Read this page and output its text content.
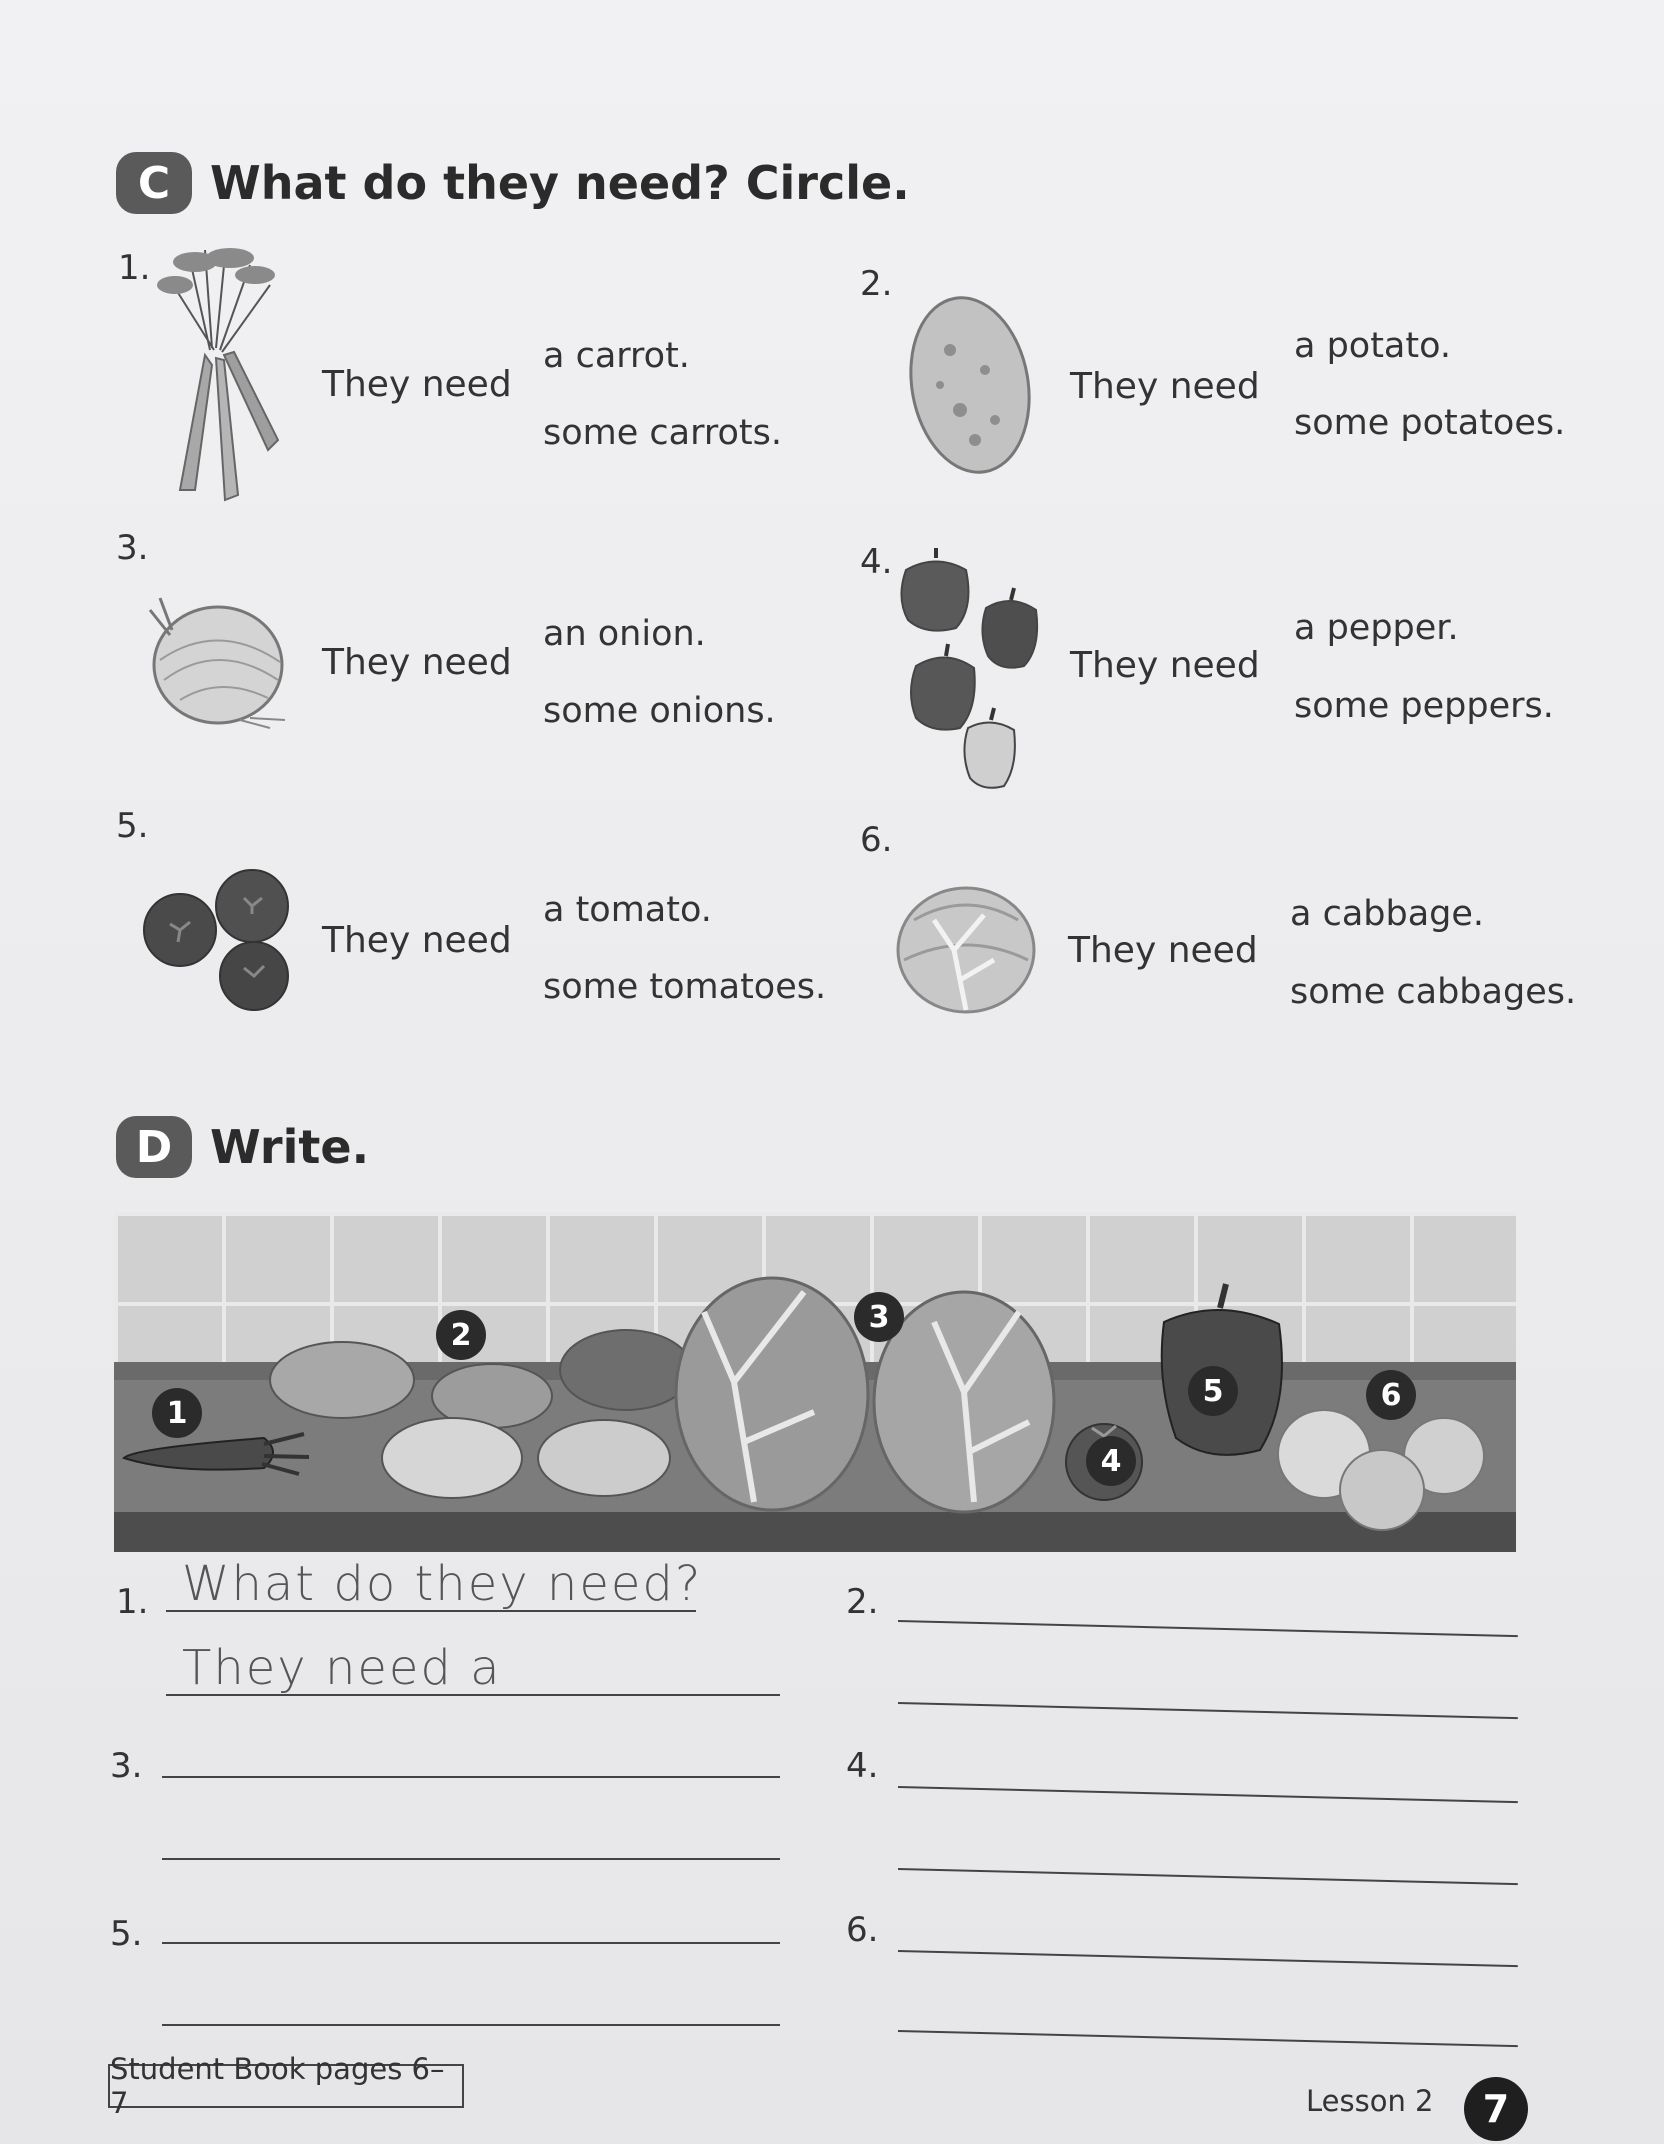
C What do they need? Circle.
1.
They need
a carrot.
some carrots.
2.
They need
a potato.
some potatoes.
3.
They need
an onion.
some onions.
4.
They need
a pepper.
some peppers.
5.
They need
a tomato.
some tomatoes.
6.
They need
a cabbage.
some cabbages.
D Write.
1
2
3
4
5	6
1. What do they need?
They need a
2.
3.	4.
5.	6.
Student Book pages 6–7	Lesson 2	7
